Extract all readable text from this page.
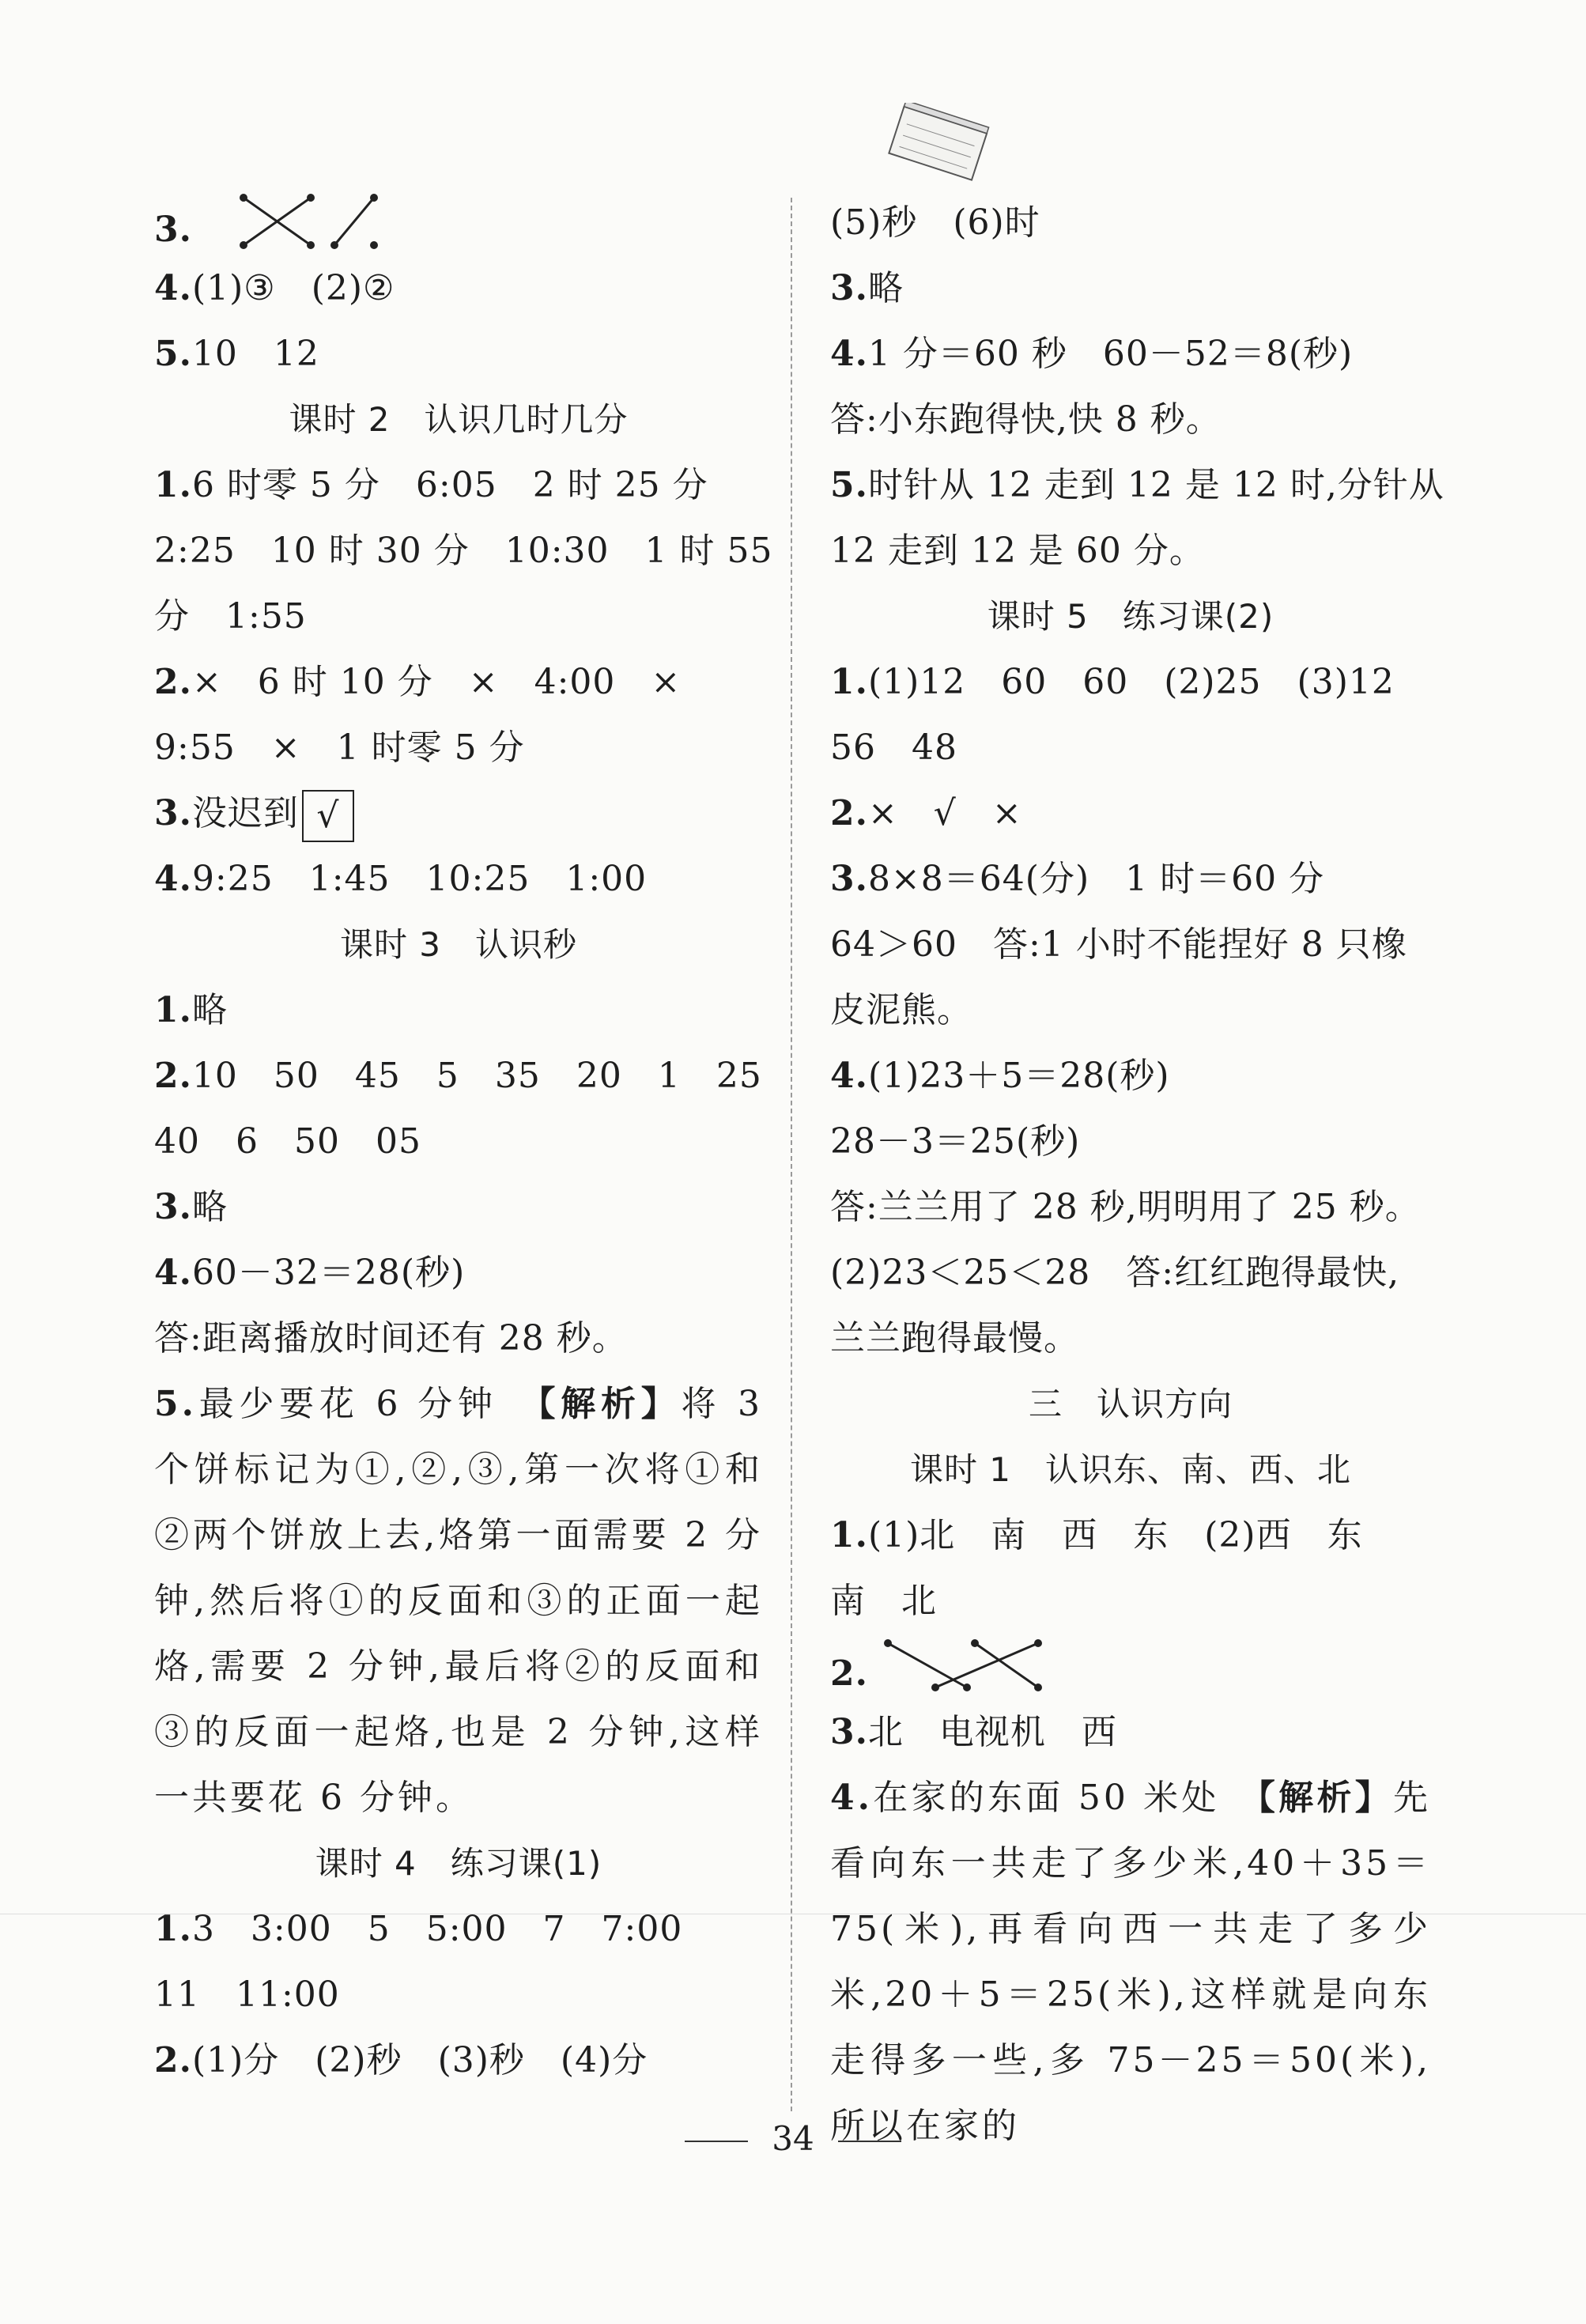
3.
4.(1)③　(2)②
5.10　12
课时 2　认识几时几分
1.6 时零 5 分　6:05　2 时 25 分
2:25　10 时 30 分　10:30　1 时 55
分　1:55
2.×　6 时 10 分　×　4:00　×
9:55　×　1 时零 5 分
3.没迟到 √
4.9:25　1:45　10:25　1:00
课时 3　认识秒
1.略
2.10　50　45　5　35　20　1　25
40　6　50　05
3.略
4.60－32＝28(秒)
答:距离播放时间还有 28 秒。
5.最少要花 6 分钟　【解析】将 3 个饼标记为①,②,③,第一次将①和②两个饼放上去,烙第一面需要 2 分钟,然后将①的反面和③的正面一起烙,需要 2 分钟,最后将②的反面和③的反面一起烙,也是 2 分钟,这样一共要花 6 分钟。
课时 4　练习课(1)
1.3　3:00　5　5:00　7　7:00
11　11:00
2.(1)分　(2)秒　(3)秒　(4)分
(5)秒　(6)时
3.略
4.1 分＝60 秒　60－52＝8(秒)
答:小东跑得快,快 8 秒。
5.时针从 12 走到 12 是 12 时,分针从
12 走到 12 是 60 分。
课时 5　练习课(2)
1.(1)12　60　60　(2)25　(3)12
56　48
2.×　√　×
3.8×8＝64(分)　1 时＝60 分
64＞60　答:1 小时不能捏好 8 只橡
皮泥熊。
4.(1)23＋5＝28(秒)
28－3＝25(秒)
答:兰兰用了 28 秒,明明用了 25 秒。
(2)23＜25＜28　答:红红跑得最快,
兰兰跑得最慢。
三　认识方向
课时 1　认识东、南、西、北
1.(1)北　南　西　东　(2)西　东
南　北
2.
3.北　电视机　西
4.在家的东面 50 米处　【解析】先看向东一共走了多少米,40＋35＝75(米),再看向西一共走了多少米,20＋5＝25(米),这样就是向东走得多一些,多 75－25＝50(米),所以在家的
34
